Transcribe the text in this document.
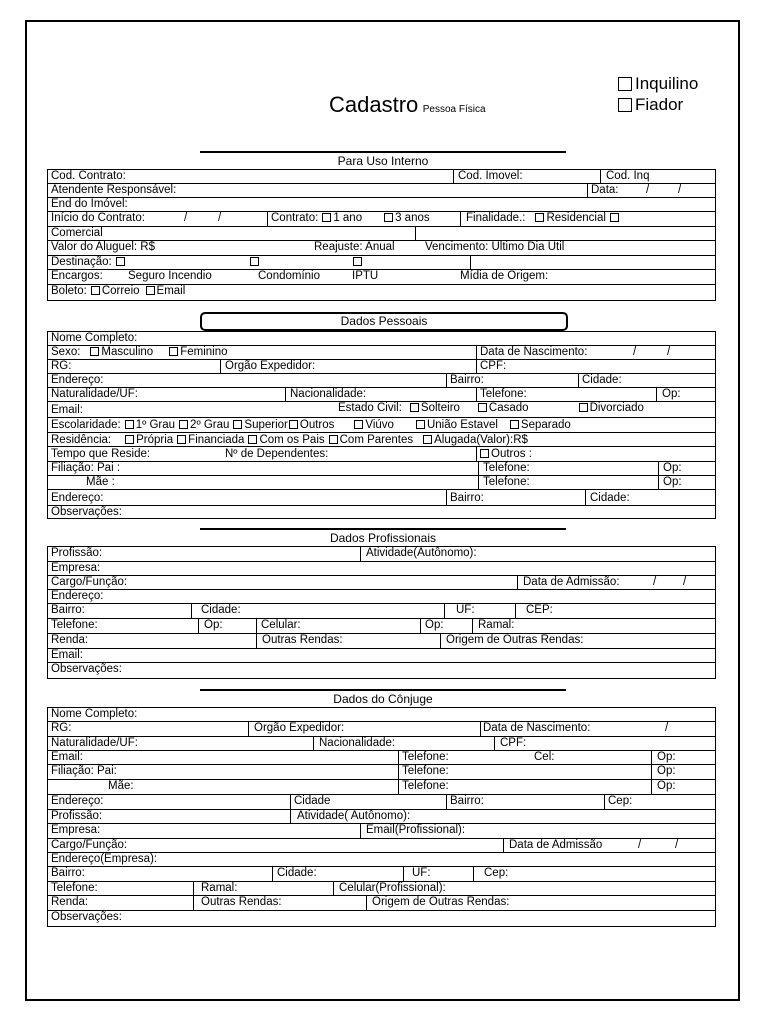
Cadastro Pessoa Física
Inquilino
Fiador
Para Uso Interno
Cod. Contrato:	Cod. Imovel:	Cod. Inq
Atendente Responsável:	Data: /	/
End do Imóvel:
Início do Contrato:	/	/	Contrato: 1 ano	3 anos	Finalidade.: Residencial
Comercial
Valor do Aluguel: R$	Reajuste: Anual	Vencimento: Ultimo Dia Util
Destinação:
Encargos: Seguro Incendio	Condomínio	IPTU	Mídia de Origem:
Boleto: Correio Email
Dados Pessoais
Nome Completo:
Sexo: Masculino Feminino	Data de Nascimento:	/	/
RG:	Orgão Expedidor:	CPF:
Endereço:	Bairro:	Cidade:
Naturalidade/UF:	Nacionalidade:	Telefone:	Op:
Email:	Estado Civil: Solteiro	Casado	Divorciado
Escolaridade: 1º Grau 2º Grau Superior Outros	Viúvo	União Estavel Separado
Residência: Própria Financiada Com os Pais Com Parentes Alugada(Valor):R$
Tempo que Reside:	Nº de Dependentes:	Outros :
Filiação: Pai :	Telefone:	Op:
Mãe :	Telefone:	Op:
Endereço:	Bairro:	Cidade:
Observações:
Dados Profissionais
Profissão:	Atividade(Autônomo):
Empresa:
Cargo/Função:	Data de Admissão:	/ /
Endereço:
Bairro:	Cidade:	UF:	CEP:
Telefone:	Op:	Celular:	Op:	Ramal:
Renda:	Outras Rendas:	Origem de Outras Rendas:
Email:
Observações:
Dados do Cônjuge
Nome Completo:
RG:	Orgão Expedidor:	Data de Nascimento:	/
Naturalidade/UF:	Nacionalidade:	CPF:
Email:	Telefone:	Cel:	Op:
Filiação: Pai:	Telefone:	Op:
Mãe:	Telefone:	Op:
Endereço:	Cidade	Bairro:	Cep:
Profissão:	Atividade( Autônomo):
Empresa:	Email(Profissional):
Cargo/Função:	Data de Admissão	/	/
Endereço(Empresa):
Bairro:	Cidade:	UF:	Cep:
Telefone:	Ramal:	Celular(Profissional):
Renda:	Outras Rendas:	Origem de Outras Rendas:
Observações:
